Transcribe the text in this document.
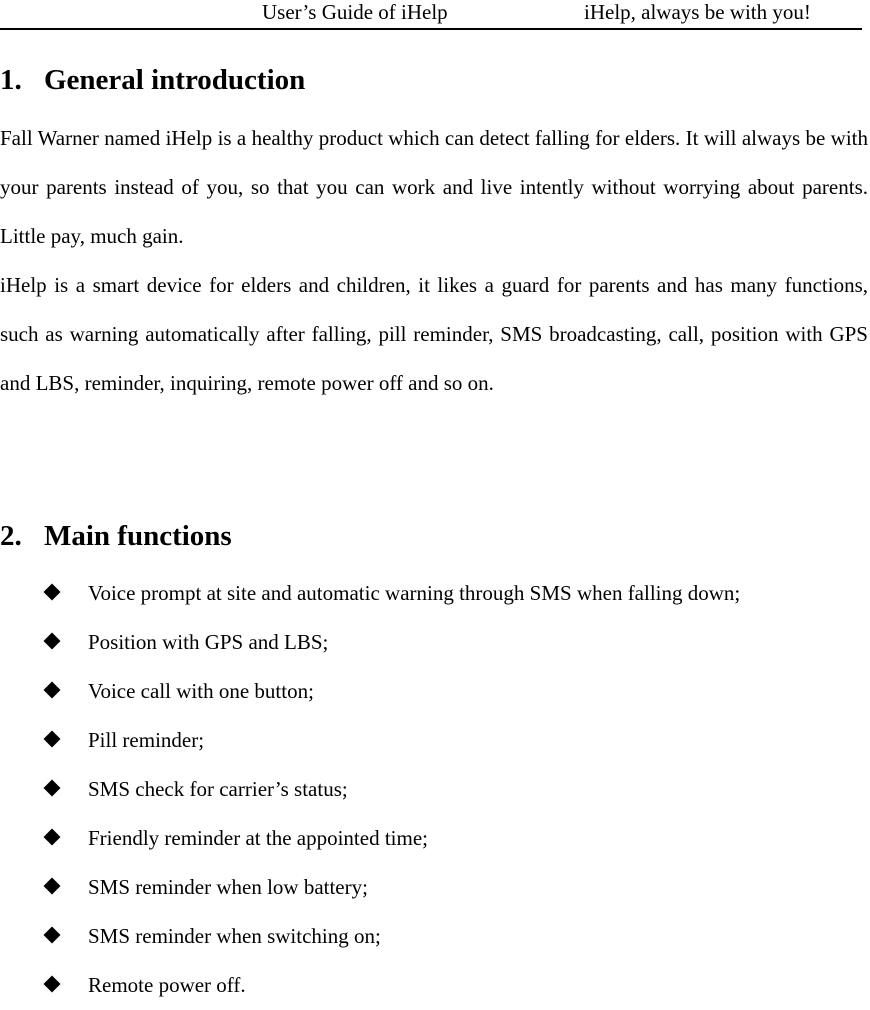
User’s Guide of iHelp	iHelp, always be with you!
1. General introduction
Fall Warner named iHelp is a healthy product which can detect falling for elders. It will always be with your parents instead of you, so that you can work and live intently without worrying about parents. Little pay, much gain.
iHelp is a smart device for elders and children, it likes a guard for parents and has many functions, such as warning automatically after falling, pill reminder, SMS broadcasting, call, position with GPS and LBS, reminder, inquiring, remote power off and so on.
2. Main functions
Voice prompt at site and automatic warning through SMS when falling down;
Position with GPS and LBS;
Voice call with one button;
Pill reminder;
SMS check for carrier’s status;
Friendly reminder at the appointed time;
SMS reminder when low battery;
SMS reminder when switching on;
Remote power off.
